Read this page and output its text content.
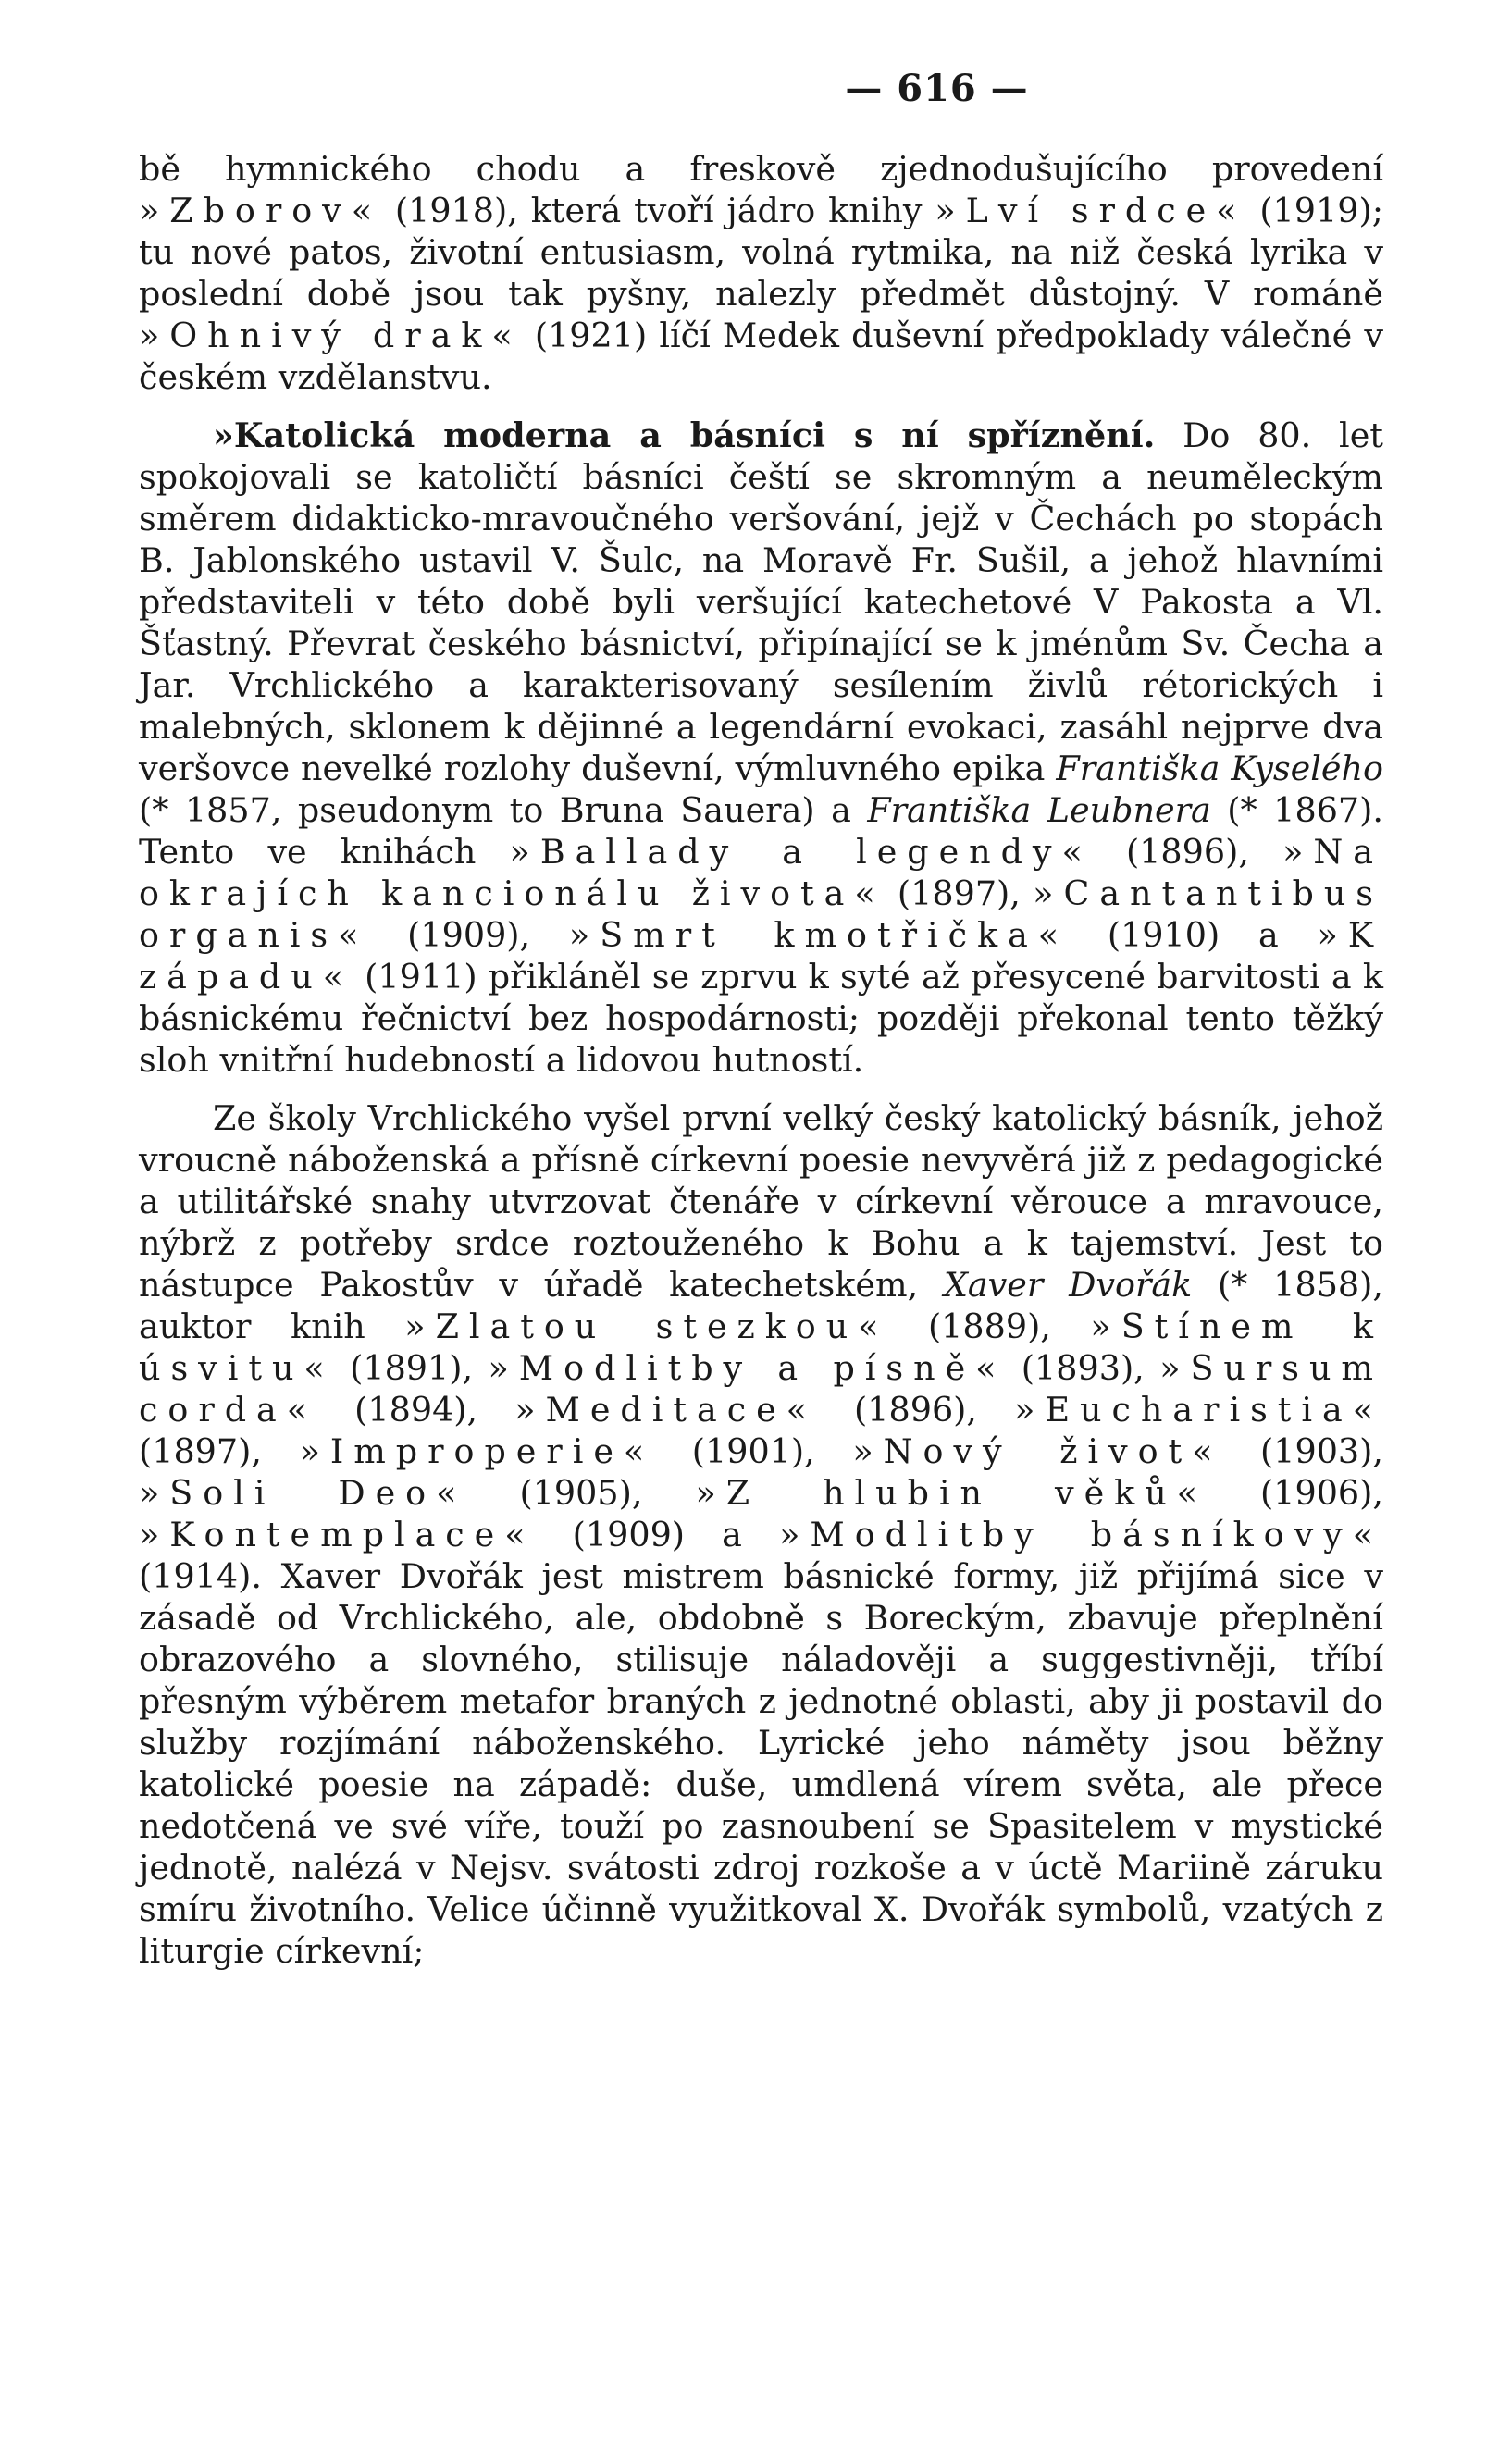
— 616 —

bě hymnického chodu a freskově zjednodušujícího provedení »Zborov« (1918), která tvoří jádro knihy »Lví srdce« (1919); tu nové patos, životní entusiasm, volná rytmika, na niž česká lyrika v poslední době jsou tak pyšny, nalezly předmět důstojný. V románě »Ohnivý drak« (1921) líčí Medek duševní předpoklady válečné v českém vzdělanstvu.

»Katolická moderna a básníci s ní spříznění. Do 80. let spokojovali se katoličtí básníci čeští se skromným a neuměleckým směrem didakticko-mravoučného veršování, jejž v Čechách po stopách B. Jablonského ustavil V. Šulc, na Moravě Fr. Sušil, a jehož hlavními představiteli v této době byli veršující katechetové V Pakosta a Vl. Šťastný. Převrat českého básnictví, připínající se k jménům Sv. Čecha a Jar. Vrchlického a karakterisovaný sesílením živlů rétorických i malebných, sklonem k dějinné a legendární evokaci, zasáhl nejprve dva veršovce nevelké rozlohy duševní, výmluvného epika Františka Kyselého (* 1857, pseudonym to Bruna Sauera) a Františka Leubnera (* 1867). Tento ve knihách »Ballady a legendy« (1896), »Na okrajích kancionálu života« (1897), »Cantantibus organis« (1909), »Smrt kmotřička« (1910) a »K západu« (1911) přikláněl se zprvu k syté až přesycené barvitosti a k básnickému řečnictví bez hospodárnosti; později překonal tento těžký sloh vnitřní hudebností a lidovou hutností.

Ze školy Vrchlického vyšel první velký český katolický básník, jehož vroucně náboženská a přísně církevní poesie nevyvěrá již z pedagogické a utilitářské snahy utvrzovat čtenáře v církevní věrouce a mravouce, nýbrž z potřeby srdce roztouženého k Bohu a k tajemství. Jest to nástupce Pakostův v úřadě katechetském, Xaver Dvořák (* 1858), auktor knih »Zlatou stezkou« (1889), »Stínem k úsvitu« (1891), »Modlitby a písně« (1893), »Sursum corda« (1894), »Meditace« (1896), »Eucharistia« (1897), »Improperie« (1901), »Nový život« (1903), »Soli Deo« (1905), »Z hlubin věků« (1906), »Kontemplace« (1909) a »Modlitby básníkovy« (1914). Xaver Dvořák jest mistrem básnické formy, již přijímá sice v zásadě od Vrchlického, ale, obdobně s Boreckým, zbavuje přeplnění obrazového a slovného, stilisuje náladověji a suggestivněji, tříbí přesným výběrem metafor braných z jednotné oblasti, aby ji postavil do služby rozjímání náboženského. Lyrické jeho náměty jsou běžny katolické poesie na západě: duše, umdlená vírem světa, ale přece nedotčená ve své víře, touží po zasnoubení se Spasitelem v mystické jednotě, nalézá v Nejsv. svátosti zdroj rozkoše a v úctě Mariině záruku smíru životního. Velice účinně využitkoval X. Dvořák symbolů, vzatých z liturgie církevní;
